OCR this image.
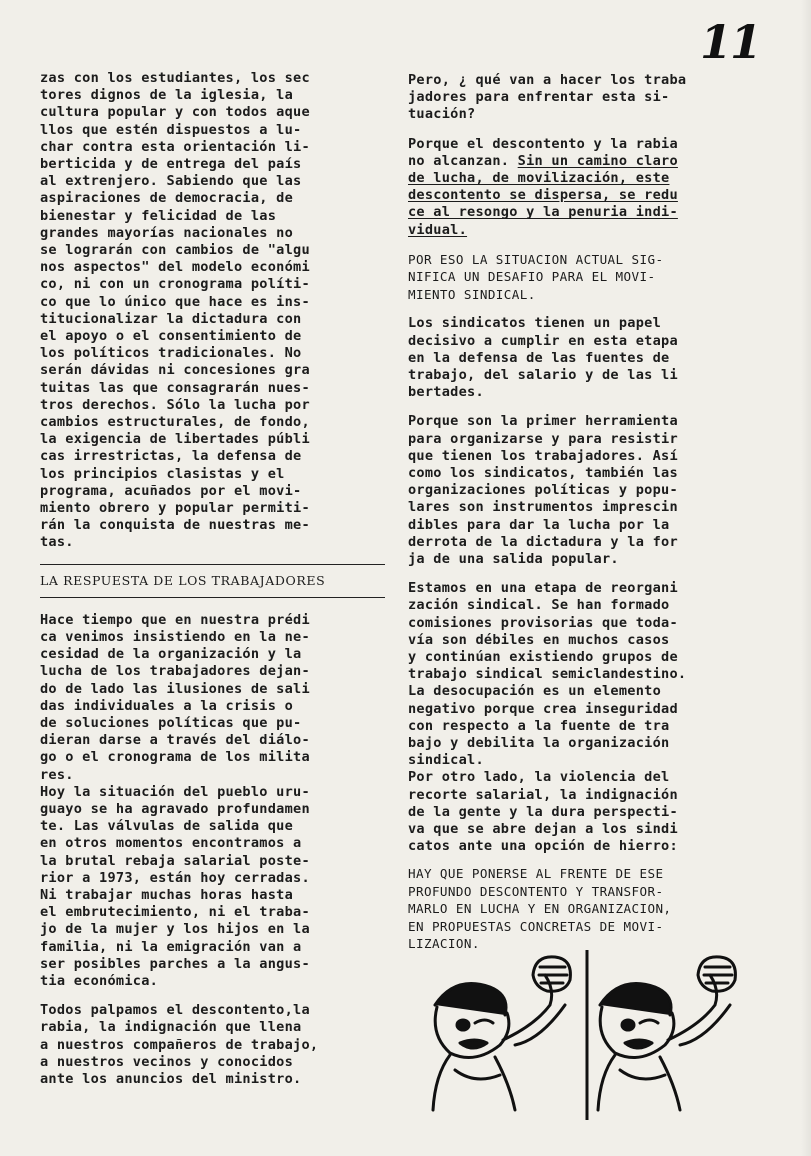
11

zas con los estudiantes, los sec
tores dignos de la iglesia, la
cultura popular y con todos aque
llos que estén dispuestos a lu-
char contra esta orientación li-
berticida y de entrega del país
al extrenjero. Sabiendo que las
aspiraciones de democracia, de
bienestar y felicidad de las
grandes mayorías nacionales no
se lograrán con cambios de "algu
nos aspectos" del modelo económi
co, ni con un cronograma políti-
co que lo único que hace es ins-
titucionalizar la dictadura con
el apoyo o el consentimiento de
los políticos tradicionales. No
serán dávidas ni concesiones gra
tuitas las que consagrarán nues-
tros derechos. Sólo la lucha por
cambios estructurales, de fondo,
la exigencia de libertades públi
cas irrestrictas, la defensa de
los principios clasistas y el
programa, acuñados por el movi-
miento obrero y popular permiti-
rán la conquista de nuestras me-
tas.

LA RESPUESTA DE LOS TRABAJADORES

Hace tiempo que en nuestra prédi
ca venimos insistiendo en la ne-
cesidad de la organización y la
lucha de los trabajadores dejan-
do de lado las ilusiones de sali
das individuales a la crisis o
de soluciones políticas que pu-
dieran darse a través del diálo-
go o el cronograma de los milita
res.

Hoy la situación del pueblo uru-
guayo se ha agravado profundamen
te. Las válvulas de salida que
en otros momentos encontramos a
la brutal rebaja salarial poste-
rior a 1973, están hoy cerradas.
Ni trabajar muchas horas hasta
el embrutecimiento, ni el traba-
jo de la mujer y los hijos en la
familia, ni la emigración van a
ser posibles parches a la angus-
tia económica.

Todos palpamos el descontento,la
rabia, la indignación que llena
a nuestros compañeros de trabajo,
a nuestros vecinos y conocidos
ante los anuncios del ministro.

Pero, ¿ qué van a hacer los traba
jadores para enfrentar esta si-
tuación?

Porque el descontento y la rabia
no alcanzan. Sin un camino claro
de lucha, de movilización, este
descontento se dispersa, se redu
ce al resongo y la penuria indi-
vidual.

POR ESO LA SITUACION ACTUAL SIG-
NIFICA UN DESAFIO PARA EL MOVI-
MIENTO SINDICAL.

Los sindicatos tienen un papel
decisivo a cumplir en esta etapa
en la defensa de las fuentes de
trabajo, del salario y de las li
bertades.

Porque son la primer herramienta
para organizarse y para resistir
que tienen los trabajadores. Así
como los sindicatos, también las
organizaciones políticas y popu-
lares son instrumentos imprescin
dibles para dar la lucha por la
derrota de la dictadura y la for
ja de una salida popular.

Estamos en una etapa de reorgani
zación sindical. Se han formado
comisiones provisorias que toda-
vía son débiles en muchos casos
y continúan existiendo grupos de
trabajo sindical semiclandestino.
La desocupación es un elemento
negativo porque crea inseguridad
con respecto a la fuente de tra
bajo y debilita la organización
sindical.
Por otro lado, la violencia del
recorte salarial, la indignación
de la gente y la dura perspecti-
va que se abre dejan a los sindi
catos ante una opción de hierro:

HAY QUE PONERSE AL FRENTE DE ESE
PROFUNDO DESCONTENTO Y TRANSFOR-
MARLO EN LUCHA Y EN ORGANIZACION,
EN PROPUESTAS CONCRETAS DE MOVI-
LIZACION.
